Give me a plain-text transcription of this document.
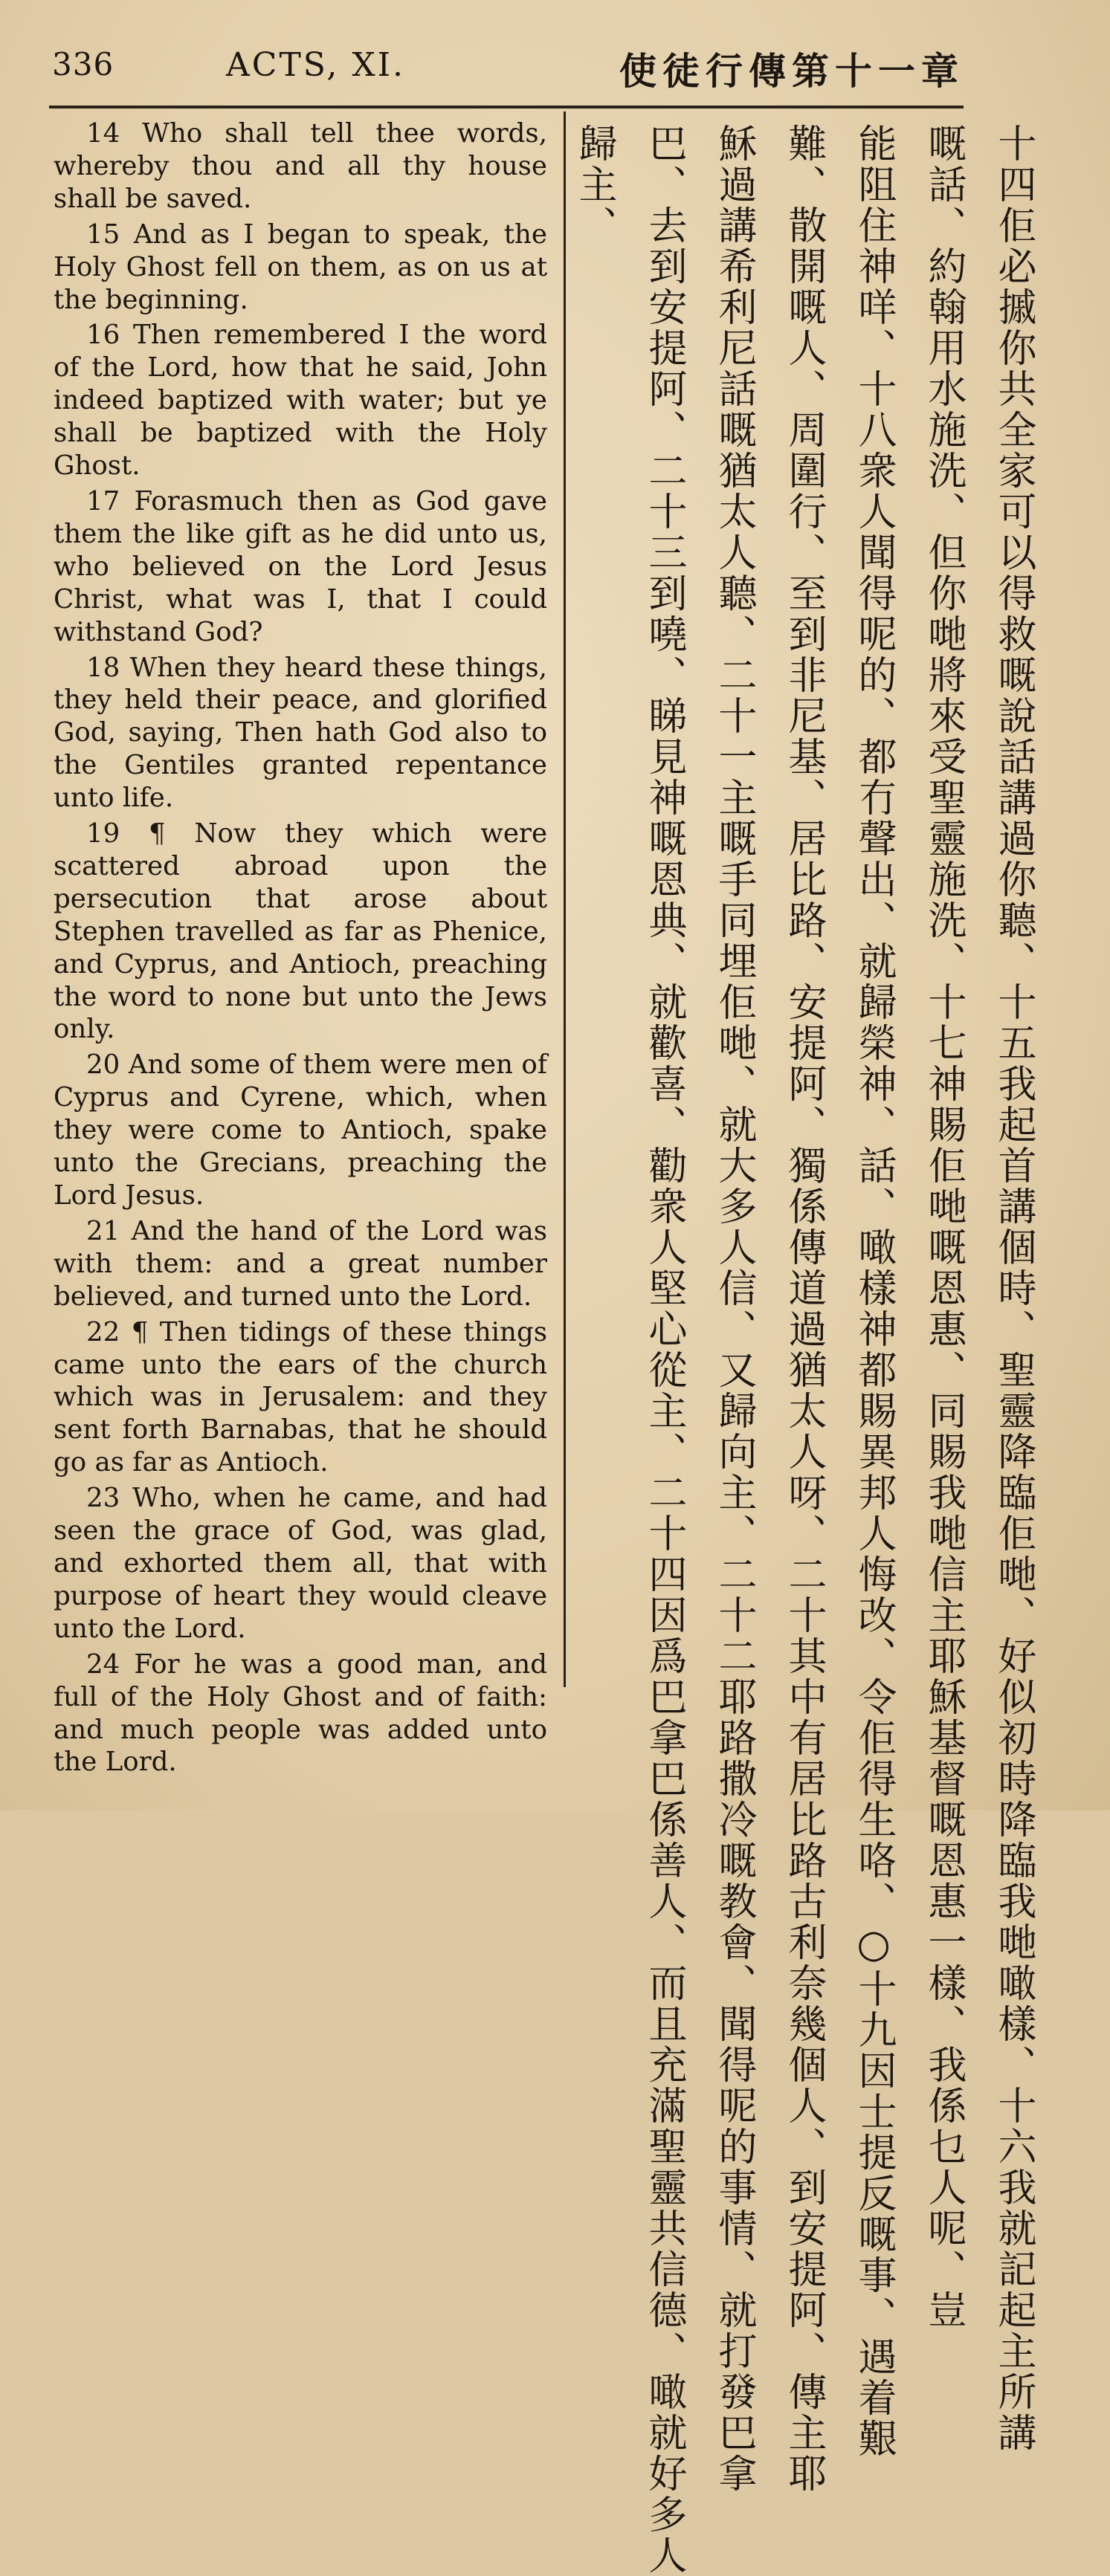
336	ACTS, XI.	使徒行傳第十一章

14 Who shall tell thee words, whereby thou and all thy house shall be saved.

15 And as I began to speak, the Holy Ghost fell on them, as on us at the beginning.

16 Then remembered I the word of the Lord, how that he said, John indeed baptized with water; but ye shall be baptized with the Holy Ghost.

17 Forasmuch then as God gave them the like gift as he did unto us, who believed on the Lord Jesus Christ, what was I, that I could withstand God?

18 When they heard these things, they held their peace, and glorified God, saying, Then hath God also to the Gentiles granted repentance unto life.

19 ¶ Now they which were scattered abroad upon the persecution that arose about Stephen travelled as far as Phenice, and Cyprus, and Antioch, preaching the word to none but unto the Jews only.

20 And some of them were men of Cyprus and Cyrene, which, when they were come to Antioch, spake unto the Grecians, preaching the Lord Jesus.

21 And the hand of the Lord was with them: and a great number believed, and turned unto the Lord.

22 ¶ Then tidings of these things came unto the ears of the church which was in Jerusalem: and they sent forth Barnabas, that he should go as far as Antioch.

23 Who, when he came, and had seen the grace of God, was glad, and exhorted them all, that with purpose of heart they would cleave unto the Lord.

24 For he was a good man, and full of the Holy Ghost and of faith: and much people was added unto the Lord.	十四佢必摵你共全家可以得救嘅說話講過你聽、十五我起首講個時、聖靈降臨佢哋、好似初時降臨我哋噉樣、十六我就記起主所講
嘅話、約翰用水施洗、但你哋將來受聖靈施洗、十七神賜佢哋嘅恩惠、同賜我哋信主耶穌基督嘅恩惠一樣、我係乜人呢、豈
能阻住神咩、十八衆人聞得呢的、都冇聲出、就歸榮神、話、噉樣神都賜異邦人悔改、令佢得生咯、○十九因士提反嘅事、遇着艱
難、散開嘅人、周圍行、至到非尼基、居比路、安提阿、獨係傳道過猶太人呀、二十其中有居比路古利奈幾個人、到安提阿、傳主耶
穌過講希利尼話嘅猶太人聽、二十一主嘅手同埋佢哋、就大多人信、又歸向主、二十二耶路撒冷嘅教會、聞得呢的事情、就打發巴拿
巴、去到安提阿、二十三到嘵、睇見神嘅恩典、就歡喜、勸衆人堅心從主、二十四因爲巴拿巴係善人、而且充滿聖靈共信德、噉就好多人
歸主、
